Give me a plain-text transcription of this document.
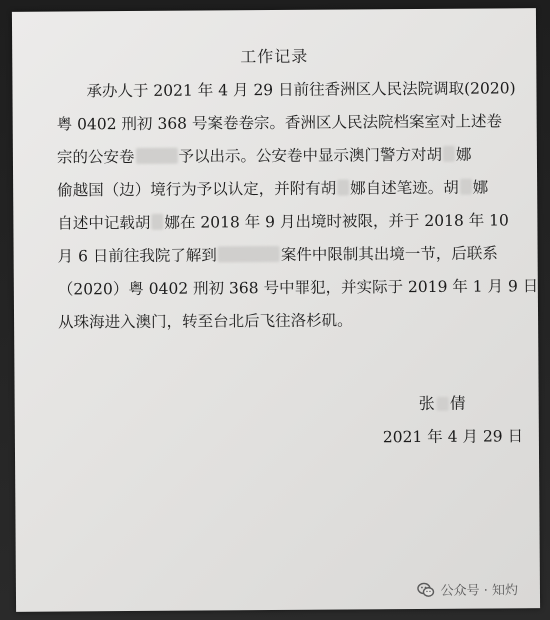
工作记录
承办人于 2021 年 4 月 29 日前往香洲区人民法院调取(2020)
粤 0402 刑初 368 号案卷卷宗。香洲区人民法院档案室对上述卷
宗的公安卷	予以出示。公安卷中显示澳门警方对胡 娜
偷越国（边）境行为予以认定，并附有胡 娜自述笔迹。胡 娜
自述中记载胡 娜在 2018 年 9 月出境时被限，并于 2018 年 10
月 6 日前往我院了解到	案件中限制其出境一节，后联系
（2020）粤 0402 刑初 368 号中罪犯，并实际于 2019 年 1 月 9 日
从珠海进入澳门，转至台北后飞往洛杉矶。
张 倩
2021 年 4 月 29 日
公众号 · 知灼
